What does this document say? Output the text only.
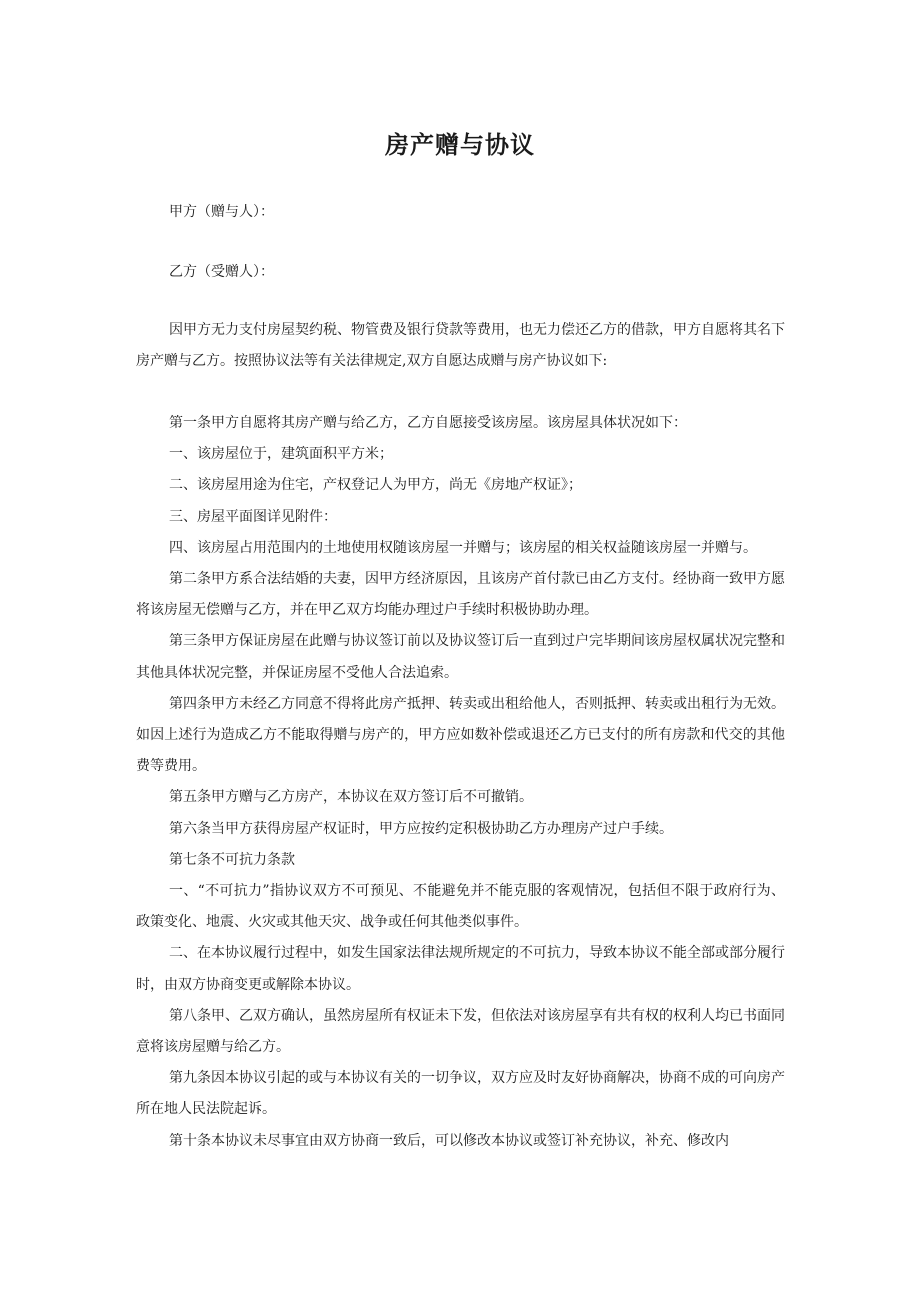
房产赠与协议
甲方（赠与人）：
乙方（受赠人）：

因甲方无力支付房屋契约税、物管费及银行贷款等费用，也无力偿还乙方的借款，甲方自愿将其名下房产赠与乙方。按照协议法等有关法律规定,双方自愿达成赠与房产协议如下:

第一条甲方自愿将其房产赠与给乙方，乙方自愿接受该房屋。该房屋具体状况如下：

一、该房屋位于，建筑面积平方米；

二、该房屋用途为住宅，产权登记人为甲方，尚无《房地产权证》；

三、房屋平面图详见附件：

四、该房屋占用范围内的土地使用权随该房屋一并赠与；该房屋的相关权益随该房屋一并赠与。

第二条甲方系合法结婚的夫妻，因甲方经济原因，且该房产首付款已由乙方支付。经协商一致甲方愿将该房屋无偿赠与乙方，并在甲乙双方均能办理过户手续时积极协助办理。

第三条甲方保证房屋在此赠与协议签订前以及协议签订后一直到过户完毕期间该房屋权属状况完整和其他具体状况完整，并保证房屋不受他人合法追索。

第四条甲方未经乙方同意不得将此房产抵押、转卖或出租给他人，否则抵押、转卖或出租行为无效。如因上述行为造成乙方不能取得赠与房产的，甲方应如数补偿或退还乙方已支付的所有房款和代交的其他费等费用。

第五条甲方赠与乙方房产，本协议在双方签订后不可撤销。

第六条当甲方获得房屋产权证时，甲方应按约定积极协助乙方办理房产过户手续。

第七条不可抗力条款

一、“不可抗力”指协议双方不可预见、不能避免并不能克服的客观情况，包括但不限于政府行为、政策变化、地震、火灾或其他天灾、战争或任何其他类似事件。

二、在本协议履行过程中，如发生国家法律法规所规定的不可抗力，导致本协议不能全部或部分履行时，由双方协商变更或解除本协议。

第八条甲、乙双方确认，虽然房屋所有权证未下发，但依法对该房屋享有共有权的权利人均已书面同意将该房屋赠与给乙方。

第九条因本协议引起的或与本协议有关的一切争议，双方应及时友好协商解决，协商不成的可向房产所在地人民法院起诉。

第十条本协议未尽事宜由双方协商一致后，可以修改本协议或签订补充协议，补充、修改内
